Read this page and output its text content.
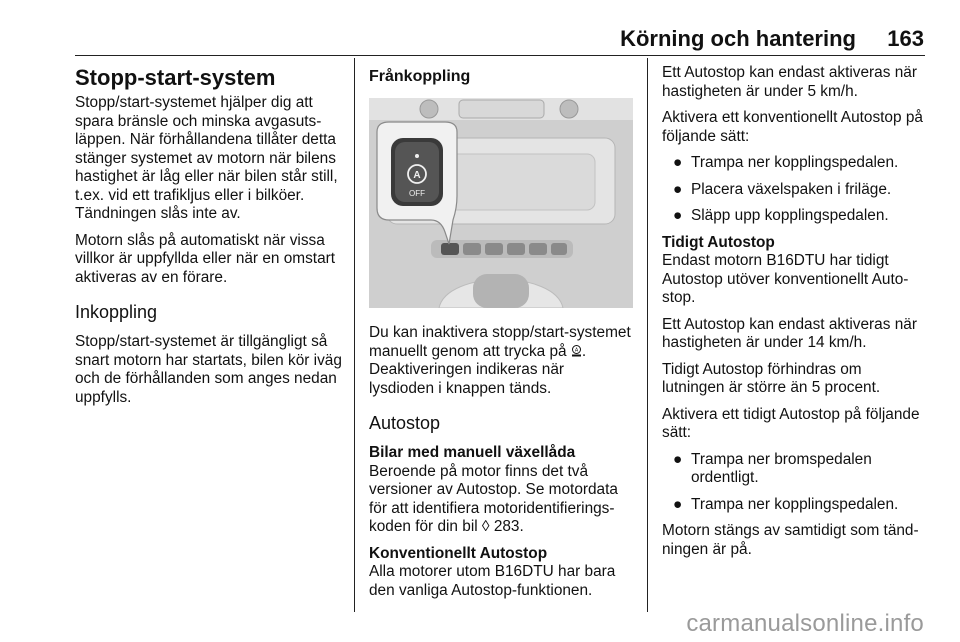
Körning och hantering 163
Stopp-start-system

Stopp/start-systemet hjälper dig att spara bränsle och minska avgasuts-läppen. När förhållandena tillåter detta stänger systemet av motorn när bilens hastighet är låg eller när bilen står still, t.ex. vid ett trafikljus eller i bilköer. Tändningen slås inte av.

Motorn slås på automatiskt när vissa villkor är uppfyllda eller när en omstart aktiveras av en förare.

Inkoppling

Stopp/start-systemet är tillgängligt så snart motorn har startats, bilen kör iväg och de förhållanden som anges nedan uppfylls.

Frånkoppling
A
OFF

Du kan inaktivera stopp/start-systemet manuellt genom att trycka på A . Deaktiveringen indikeras när lysdioden i knappen tänds.

Autostop
Bilar med manuell växellåda

Beroende på motor finns det två versioner av Autostop. Se motordata för att identifiera motoridentifierings-koden för din bil ◊ 283.

Konventionellt Autostop

Alla motorer utom B16DTU har bara den vanliga Autostop-funktionen.

Ett Autostop kan endast aktiveras när hastigheten är under 5 km/h.

Aktivera ett konventionellt Autostop på följande sätt:

● Trampa ner kopplingspedalen.
● Placera växelspaken i friläge.
● Släpp upp kopplingspedalen.
Tidigt Autostop

Endast motorn B16DTU har tidigt Autostop utöver konventionellt Auto-stop.

Ett Autostop kan endast aktiveras när hastigheten är under 14 km/h.

Tidigt Autostop förhindras om lutningen är större än 5 procent.

Aktivera ett tidigt Autostop på följande sätt:

● Trampa ner bromspedalen ordentligt.
● Trampa ner kopplingspedalen.

Motorn stängs av samtidigt som tänd-ningen är på.

carmanualsonline.info
